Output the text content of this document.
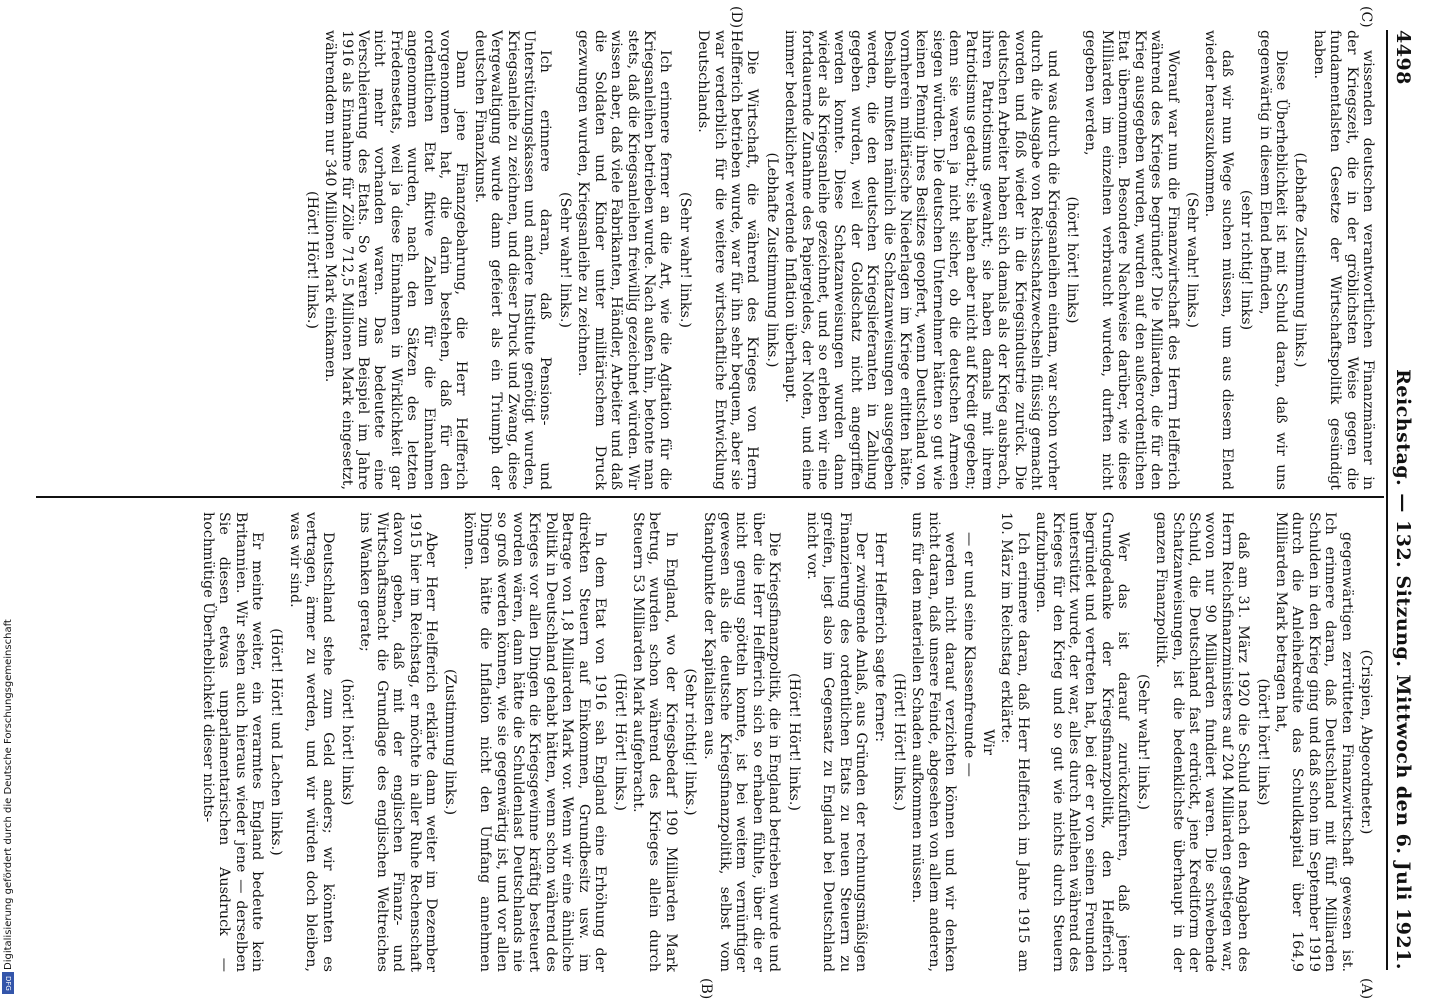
4498
Reichstag. — 132. Sitzung. Mittwoch den 6. Juli 1921.
(C)
(D)
(A)
(B)

wissenden deutschen verantwortlichen Finanzmänner in der Kriegszeit, die in der gröblichsten Weise gegen die fundamentalsten Gesetze der Wirtschaftspolitik gesündigt haben.

(Lebhafte Zustimmung links.)

Diese Überheblichkeit ist mit Schuld daran, daß wir uns gegenwärtig in diesem Elend befinden,

(sehr richtig! links)

daß wir nun Wege suchen müssen, um aus diesem Elend wieder herauszukommen.

(Sehr wahr! links.)

Worauf war nun die Finanzwirtschaft des Herrn Helfferich während des Krieges begründet? Die Milliarden, die für den Krieg ausgegeben wurden, wurden auf den außerordentlichen Etat übernommen. Besondere Nachweise darüber, wie diese Milliarden im einzelnen verbraucht wurden, durften nicht gegeben werden,

(hört! hört! links)

und was durch die Kriegsanleihen eintam, war schon vorher durch die Ausgabe von Reichsschatzwechseln flüssig gemacht worden und floß wieder in die Kriegsindustrie zurück. Die deutschen Arbeiter haben sich damals als der Krieg ausbrach, ihren Patriotismus gewahrt; sie haben damals mit ihrem Patriotismus gedarbt; sie haben aber nicht auf Kredit gegeben; denn sie waren ja nicht sicher, ob die deutschen Armeen siegen würden. Die deutschen Unternehmer hätten so gut wie keinen Pfennig ihres Besitzes geopfert, wenn Deutschland von vornherein militärische Niederlagen im Kriege erlitten hätte. Deshalb mußten nämlich die Schatzanweisungen ausgegeben werden, die den deutschen Kriegslieferanten in Zahlung gegeben wurden, weil der Goldschatz nicht angegriffen werden konnte. Diese Schatzanweisungen wurden dann wieder als Kriegsanleihe gezeichnet, und so erleben wir eine fortdauernde Zunahme des Papiergeldes, der Noten, und eine immer bedenklicher werdende Inflation überhaupt.

(Lebhafte Zustimmung links.)

Die Wirtschaft, die während des Krieges von Herrn Helfferich betrieben wurde, war für ihn sehr bequem, aber sie war verderblich für die weitere wirtschaftliche Entwicklung Deutschlands.

(Sehr wahr! links.)

Ich erinnere ferner an die Art, wie die Agitation für die Kriegsanleihen betrieben wurde. Nach außen hin, betonte man stets, daß die Kriegsanleihen freiwillig gezeichnet würden. Wir wissen aber, daß viele Fabrikanten, Händler, Arbeiter und daß die Soldaten und Kinder unter militärischem Druck gezwungen wurden, Kriegsanleihe zu zeichnen.

(Sehr wahr! links.)

Ich erinnere daran, daß Pensions- und Unterstützungskassen und andere Institute genötigt wurden, Kriegsanleihe zu zeichnen, und dieser Druck und Zwang, diese Vergewaltigung wurde dann gefeiert als ein Triumph der deutschen Finanzkunst.

Dann jene Finanzgebahrung, die Herr Helfferich vorgenommen hat, die darin bestehen, daß für den ordentlichen Etat fiktive Zahlen für die Einnahmen angenommen wurden, nach den Sätzen des letzten Friedensetats, weil ja diese Einnahmen in Wirklichkeit gar nicht mehr vorhanden waren. Das bedeutete eine Verschleierung des Etats. So waren zum Beispiel im Jahre 1916 als Einnahme für Zölle 712,5 Millionen Mark eingesetzt, währenddem nur 340 Millionen Mark einkamen.

(Hört! Hört! links.)

(Crispien, Abgeordneter.)

gegenwärtigen zerrütteten Finanzwirtschaft gewesen ist. Ich erinnere daran, daß Deutschland mit fünf Milliarden Schulden in den Krieg ging und daß schon im September 1919 durch die Anleihekredite das Schuldkapital über 164,9 Milliarden Mark betragen hat,

(hört! hört! links)

daß am 31. März 1920 die Schuld nach den Angaben des Herrn Reichsfinanzministers auf 204 Milliarden gestiegen war, wovon nur 90 Milliarden fundiert waren. Die schwebende Schuld, die Deutschland fast erdrückt, jene Kreditform der Schatzanweisungen, ist die bedenklichste überhaupt in der ganzen Finanzpolitik.

(Sehr wahr! links.)

Wer das ist darauf zurückzuführen, daß jener Grundgedanke der Kriegsfinanzpolitik, den Helfferich begründet und vertreten hat, bei der er von seinen Freunden unterstützt wurde, der war, alles durch Anleihen während des Krieges für den Krieg und so gut wie nichts durch Steuern aufzubringen.

Ich erinnere daran, daß Herr Helfferich im Jahre 1915 am 10. März im Reichstag erklärte:

Wir

— er und seine Klassenfreunde —

werden nicht darauf verzichten können und wir denken nicht daran, daß unsere Feinde, abgesehen von allem anderen, uns für den materiellen Schaden aufkommen müssen.

(Hört! Hört! links.)

Herr Helfferich sagte ferner:

Der zwingende Anlaß, aus Gründen der rechnungsmäßigen Finanzierung des ordentlichen Etats zu neuen Steuern zu greifen, liegt also im Gegensatz zu England bei Deutschland nicht vor.

(Hört! Hört! links.)

Die Kriegsfinanzpolitik, die in England betrieben wurde und über die Herr Helfferich sich so erhaben fühlte, über die er nicht genug spötteln konnte, ist bei weitem vernünftiger gewesen als die deutsche Kriegsfinanzpolitik, selbst vom Standpunkte der Kapitalisten aus.

(Sehr richtig! links.)

In England, wo der Kriegsbedarf 190 Milliarden Mark betrug, wurden schon während des Krieges allein durch Steuern 53 Milliarden Mark aufgebracht.

(Hört! Hört! links.)

In dem Etat von 1916 sah England eine Erhöhung der direkten Steuern auf Einkommen, Grundbesitz usw. im Betrage von 1,8 Milliarden Mark vor. Wenn wir eine ähnliche Politik in Deutschland gehabt hätten, wenn schon während des Krieges vor allen Dingen die Kriegsgewinne kräftig besteuert worden wären, dann hätte die Schuldenlast Deutschlands nie so groß werden können, wie sie gegenwärtig ist, und vor allen Dingen hätte die Inflation nicht den Umfang annehmen können.

(Zustimmung links.)

Aber Herr Helfferich erklärte dann weiter im Dezember 1915 hier im Reichstag, er möchte in aller Ruhe Rechenschaft davon geben, daß mit der englischen Finanz- und Wirtschaftsmacht die Grundlage des englischen Weltreiches ins Wanken gerate;

(hört! hört! links)

Deutschland stehe zum Geld anders; wir könnten es vertragen, ärmer zu werden, und wir würden doch bleiben, was wir sind.

(Hört! Hört! und Lachen links.)

Er meinte weiter, ein verarmtes England bedeute kein Britannien. Wir sehen auch hieraus wieder jene — derselben Sie diesen etwas unparlamentarischen Ausdruck — hochmütige Überheblichkeit dieser nichts-

Digitalisierung gefördert durch die Deutsche Forschungsgemeinschaft
DFG
